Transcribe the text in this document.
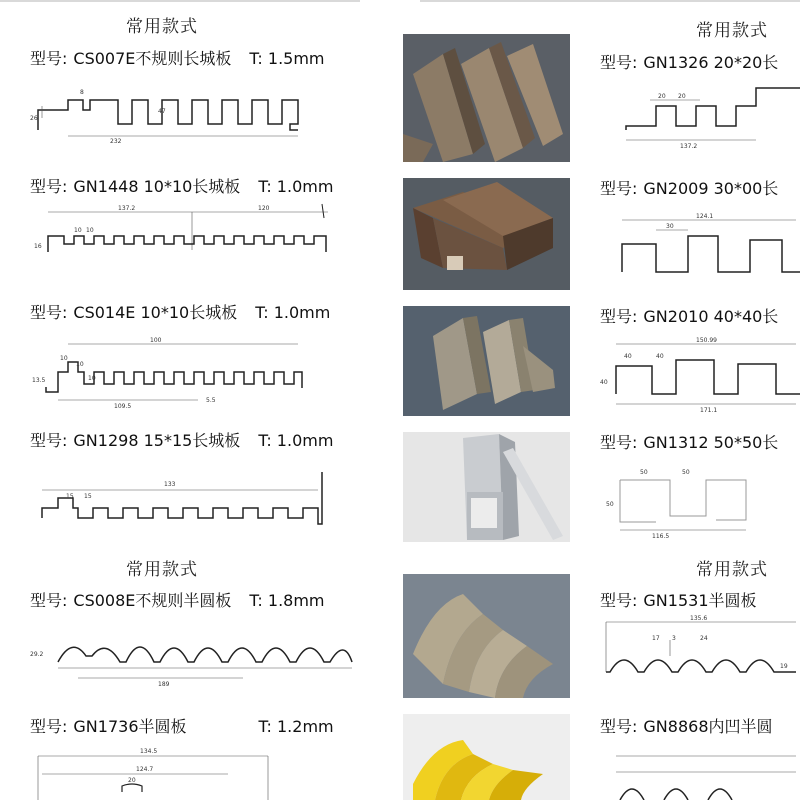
常用款式	常用款式
常用款式	常用款式
型号: CS007E不规则长城板 T: 1.5mm
26
8
47
232
型号: GN1448 10*10长城板 T: 1.0mm
137.2	120
10 10
16
型号: CS014E 10*10长城板 T: 1.0mm
100
10
10
10
13.5
109.5
5.5
型号: GN1298 15*15长城板 T: 1.0mm
133
15 15
型号: CS008E不规则半圆板 T: 1.8mm
29.2
189
型号: GN1736半圆板	T: 1.2mm
134.5
124.7
20
型号: GN1326 20*20长
20 20
137.2
型号: GN2009 30*00长
124.1
30
型号: GN2010 40*40长
150.99
40	40
40
171.1
型号: GN1312 50*50长
50	50
50
116.5
型号: GN1531半圆板
135.6
17 3	24
19
型号: GN8868内凹半圆
